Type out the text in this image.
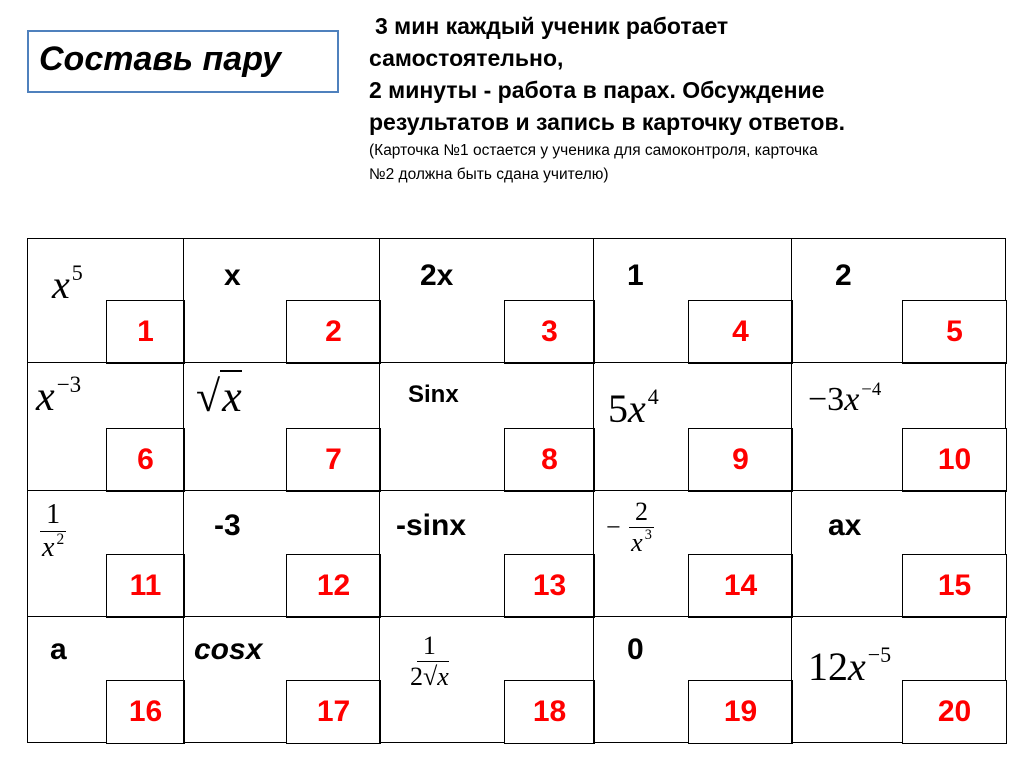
Составь пару

3 мин каждый ученик работает

самостоятельно,

2 минуты - работа в парах. Обсуждение

результатов и запись в карточку ответов.

(Карточка №1 остается у ученика для самоконтроля, карточка

№2 должна быть сдана учителю)

$x^5$
1
x
2
2x
3
1
4
2
5
$x^{-3}$
6
√x
7
Sinx
8
$5x^4$
9
−3x $^{-4}$
10
$\frac{1}{x ^2}$
11
-3
12
-sinx
13
− $\frac{2}{x ^3}$
14
ax
15
a
16
cosx
17
$\frac{1}{2√x}$
18
0
19
$12x^{-5}$
20
